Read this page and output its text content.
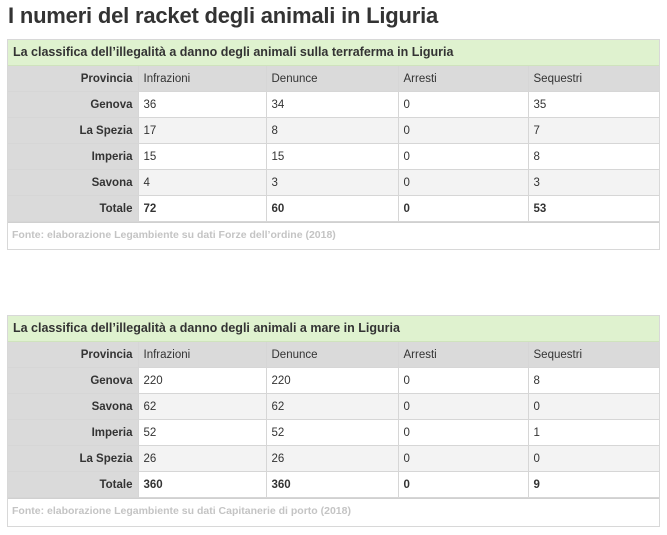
I numeri del racket degli animali in Liguria
La classifica dell’illegalità a danno degli animali sulla terraferma in Liguria
Provincia	Infrazioni	Denunce	Arresti	Sequestri
Genova	36	34	0	35
La Spezia	17	8	0	7
Imperia	15	15	0	8
Savona	4	3	0	3
Totale	72	60	0	53
Fonte: elaborazione Legambiente su dati Forze dell’ordine (2018)
La classifica dell’illegalità a danno degli animali a mare in Liguria
Provincia	Infrazioni	Denunce	Arresti	Sequestri
Genova	220	220	0	8
Savona	62	62	0	0
Imperia	52	52	0	1
La Spezia	26	26	0	0
Totale	360	360	0	9
Fonte: elaborazione Legambiente su dati Capitanerie di porto (2018)
